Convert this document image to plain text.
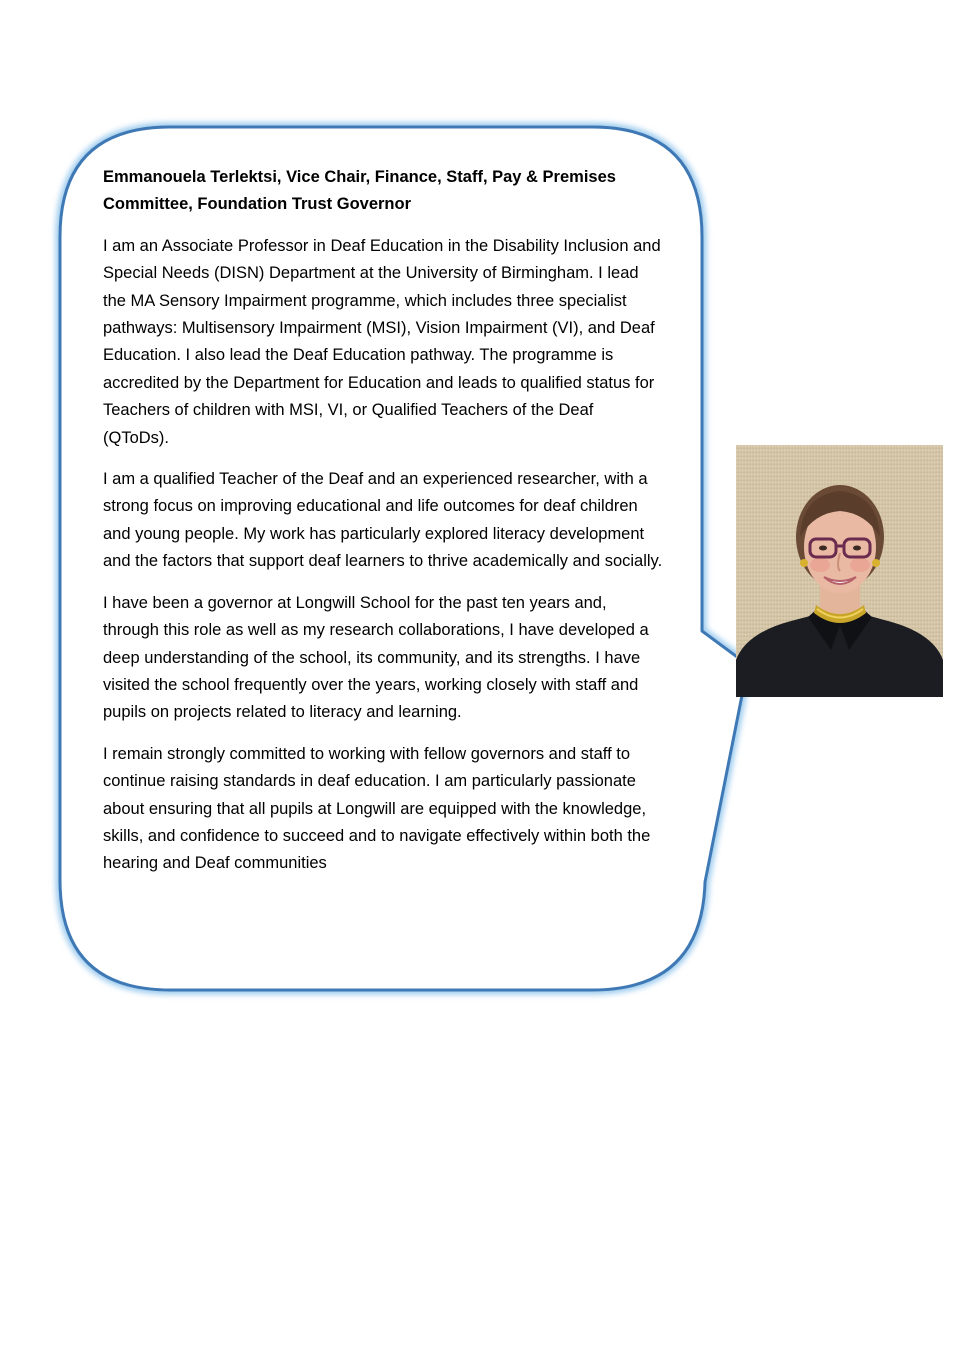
Emmanouela Terlektsi, Vice Chair, Finance, Staff, Pay & Premises Committee, Foundation Trust Governor

I am an Associate Professor in Deaf Education in the Disability Inclusion and Special Needs (DISN) Department at the University of Birmingham. I lead the MA Sensory Impairment programme, which includes three specialist pathways: Multisensory Impairment (MSI), Vision Impairment (VI), and Deaf Education. I also lead the Deaf Education pathway. The programme is accredited by the Department for Education and leads to qualified status for Teachers of children with MSI, VI, or Qualified Teachers of the Deaf (QToDs).

I am a qualified Teacher of the Deaf and an experienced researcher, with a strong focus on improving educational and life outcomes for deaf children and young people. My work has particularly explored literacy development and the factors that support deaf learners to thrive academically and socially.

I have been a governor at Longwill School for the past ten years and, through this role as well as my research collaborations, I have developed a deep understanding of the school, its community, and its strengths. I have visited the school frequently over the years, working closely with staff and pupils on projects related to literacy and learning.

I remain strongly committed to working with fellow governors and staff to continue raising standards in deaf education. I am particularly passionate about ensuring that all pupils at Longwill are equipped with the knowledge, skills, and confidence to succeed and to navigate effectively within both the hearing and Deaf communities
